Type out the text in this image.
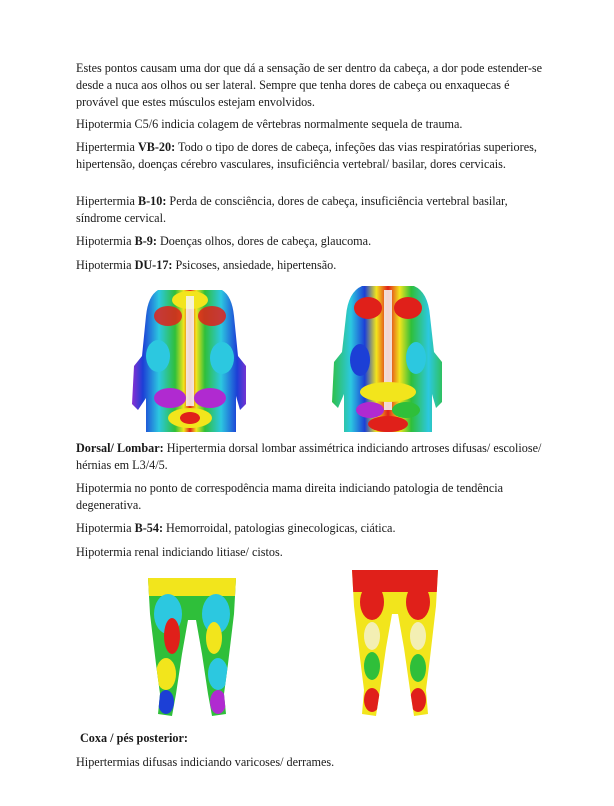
Estes pontos causam uma dor que dá a sensação de ser dentro da cabeça, a dor pode estender-se desde a nuca aos olhos ou ser lateral. Sempre que tenha dores de cabeça ou enxaquecas é provável que estes músculos estejam envolvidos.

Hipotermia C5/6 indicia colagem de vêrtebras normalmente sequela de trauma.

Hipertermia VB-20: Todo o tipo de dores de cabeça, infeções das vias respiratórias superiores, hipertensão, doenças cérebro vasculares, insuficiência vertebral/ basilar, dores cervicais.

Hipertermia B-10: Perda de consciência, dores de cabeça, insuficiência vertebral basilar, síndrome cervical.

Hipotermia B-9: Doenças olhos, dores de cabeça, glaucoma.

Hipotermia DU-17: Psicoses, ansiedade, hipertensão.

Dorsal/ Lombar: Hipertermia dorsal lombar assimétrica indiciando artroses difusas/ escoliose/ hérnias em L3/4/5.

Hipotermia no ponto de correspodência mama direita indiciando patologia de tendência degenerativa.

Hipotermia B-54: Hemorroidal, patologias ginecologicas, ciática.

Hipotermia renal indiciando litiase/ cistos.

Coxa / pés posterior:

Hipertermias difusas indiciando varicoses/ derrames.
